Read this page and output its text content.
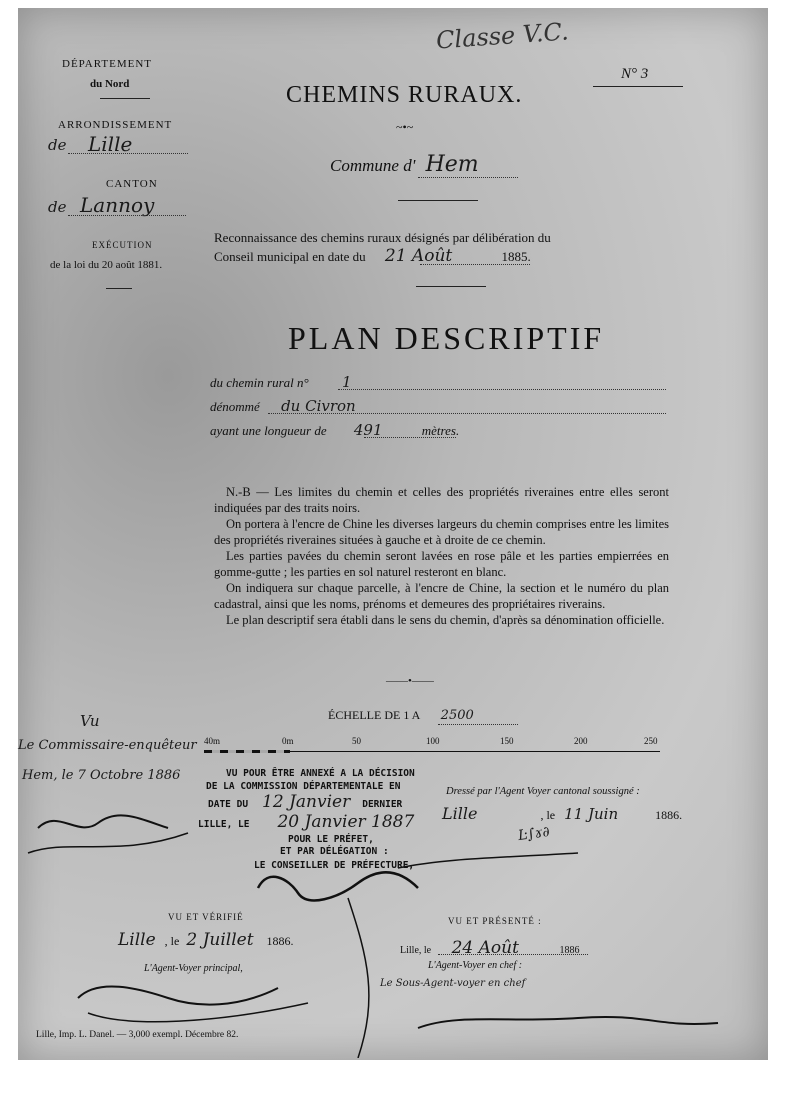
Classe V.C.
N° 3
CHEMINS RURAUX.
~•~
Commune d' Hem
DÉPARTEMENT
du Nord
ARRONDISSEMENT
de Lille
CANTON
de Lannoy
EXÉCUTION
de la loi du 20 août 1881.
Reconnaissance des chemins ruraux désignés par délibération du
Conseil municipal en date du 21 Août	1885.
PLAN DESCRIPTIF
du chemin rural n° 1
dénommé du Civron
ayant une longueur de 491	mètres.

N.-B — Les limites du chemin et celles des propriétés riveraines entre elles seront indiquées par des traits noirs.

On portera à l'encre de Chine les diverses largeurs du chemin comprises entre les limites des propriétés riveraines situées à gauche et à droite de ce chemin.

Les parties pavées du chemin seront lavées en rose pâle et les parties empierrées en gomme-gutte ; les parties en sol naturel resteront en blanc.

On indiquera sur chaque parcelle, à l'encre de Chine, la section et le numéro du plan cadastral, ainsi que les noms, prénoms et demeures des propriétaires riverains.

Le plan descriptif sera établi dans le sens du chemin, d'après sa dénomination officielle.

——•——
ÉCHELLE DE 1 A 2500
40m	0m	50	100	150	200	250
VU POUR ÊTRE ANNEXÉ A LA DÉCISION
DE LA COMMISSION DÉPARTEMENTALE EN
DATE DU 12 Janvier DERNIER
LILLE, LE 20 Janvier 1887
POUR LE PRÉFET,
ET PAR DÉLÉGATION :
LE CONSEILLER DE PRÉFECTURE,
Vu
Le Commissaire-enquêteur
Hem, le 7 Octobre 1886
Dressé par l'Agent Voyer cantonal soussigné :
Lille	, le 11 Juin	1886.
Ŀ∫ɤ∂
VU ET VÉRIFIÉ
Lille , le 2 Juillet 1886.
L'Agent-Voyer principal,
VU ET PRÉSENTÉ :
Lille, le 24 Août	1886
L'Agent-Voyer en chef :
Le Sous-Agent-voyer en chef
Lille, Imp. L. Danel. — 3,000 exempl. Décembre 82.
